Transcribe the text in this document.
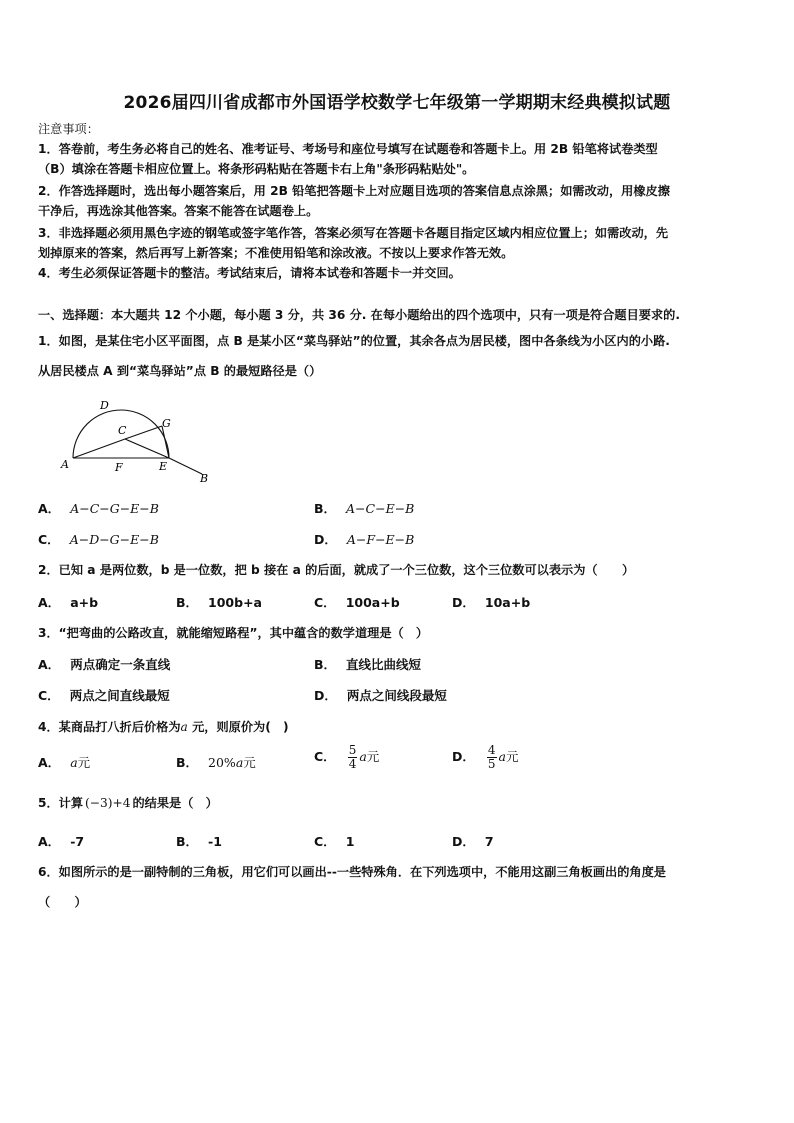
2026届四川省成都市外国语学校数学七年级第一学期期末经典模拟试题
注意事项：
1．答卷前，考生务必将自己的姓名、准考证号、考场号和座位号填写在试题卷和答题卡上。用 2B 铅笔将试卷类型
（B）填涂在答题卡相应位置上。将条形码粘贴在答题卡右上角"条形码粘贴处"。
2．作答选择题时，选出每小题答案后，用 2B 铅笔把答题卡上对应题目选项的答案信息点涂黑；如需改动，用橡皮擦
干净后，再选涂其他答案。答案不能答在试题卷上。
3．非选择题必须用黑色字迹的钢笔或签字笔作答，答案必须写在答题卡各题目指定区域内相应位置上；如需改动，先
划掉原来的答案，然后再写上新答案；不准使用铅笔和涂改液。不按以上要求作答无效。
4．考生必须保证答题卡的整洁。考试结束后，请将本试卷和答题卡一并交回。
一、选择题：本大题共 12 个小题，每小题 3 分，共 36 分. 在每小题给出的四个选项中，只有一项是符合题目要求的.
1．如图，是某住宅小区平面图，点 B 是某小区“菜鸟驿站”的位置，其余各点为居民楼，图中各条线为小区内的小路.
从居民楼点 A 到“菜鸟驿站”点 B 的最短路径是（）
A
B
C
D
E
F
G
A． A−C−G−E−B	B． A−C−E−B
C． A−D−G−E−B	D． A−F−E−B
2．已知 a 是两位数，b 是一位数，把 b 接在 a 的后面，就成了一个三位数，这个三位数可以表示为（　　）
A． a+b	B． 100b+a	C． 100a+b	D． 10a+b
3．“把弯曲的公路改直，就能缩短路程”，其中蕴含的数学道理是（　）
A． 两点确定一条直线	B． 直线比曲线短
C． 两点之间直线最短	D． 两点之间线段最短
4．某商品打八折后价格为a 元，则原价为(　)
A． a元	B． 20%a元	C． $\frac{5}{4}$ a元	D． $\frac{4}{5}$ a元
5．计算 (−3)+4 的结果是（　）
A． -7	B． -1	C． 1	D． 7
6．如图所示的是一副特制的三角板，用它们可以画出--一些特殊角．在下列选项中，不能用这副三角板画出的角度是
（　　）
